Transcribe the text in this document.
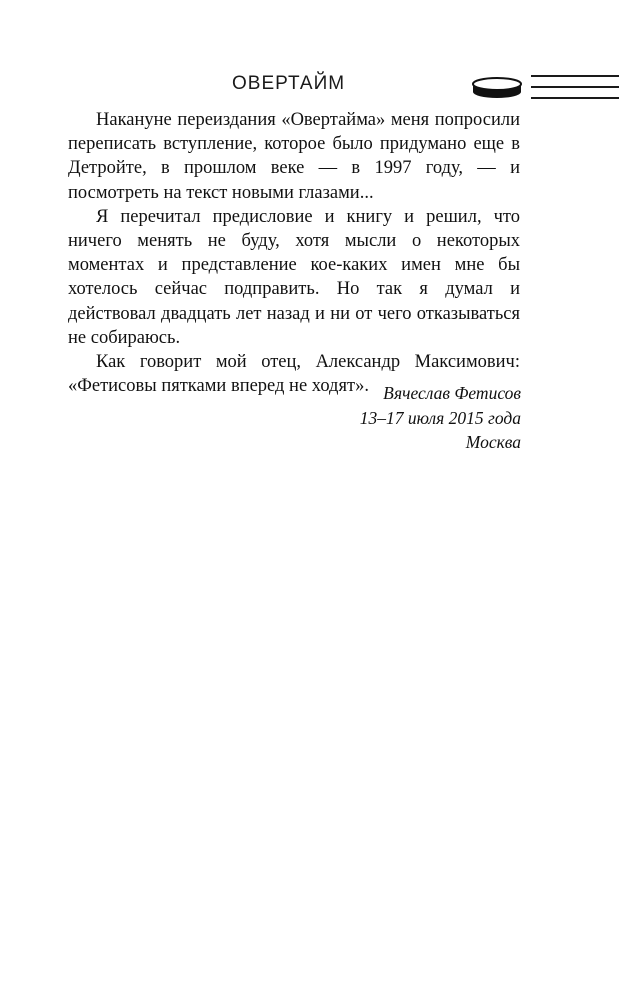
ОВЕРТАЙМ

Накануне переиздания «Овертайма» меня попросили переписать вступление, которое было придумано еще в Детройте, в прошлом веке — в 1997 году, — и посмотреть на текст новыми глазами...

Я перечитал предисловие и книгу и решил, что ничего менять не буду, хотя мысли о некоторых моментах и представление кое-каких имен мне бы хотелось сейчас подправить. Но так я думал и действовал двадцать лет назад и ни от чего отказываться не собираюсь.

Как говорит мой отец, Александр Максимович: «Фетисовы пятками вперед не ходят». Вячеслав Фетисов
13–17 июля 2015 года
Москва
